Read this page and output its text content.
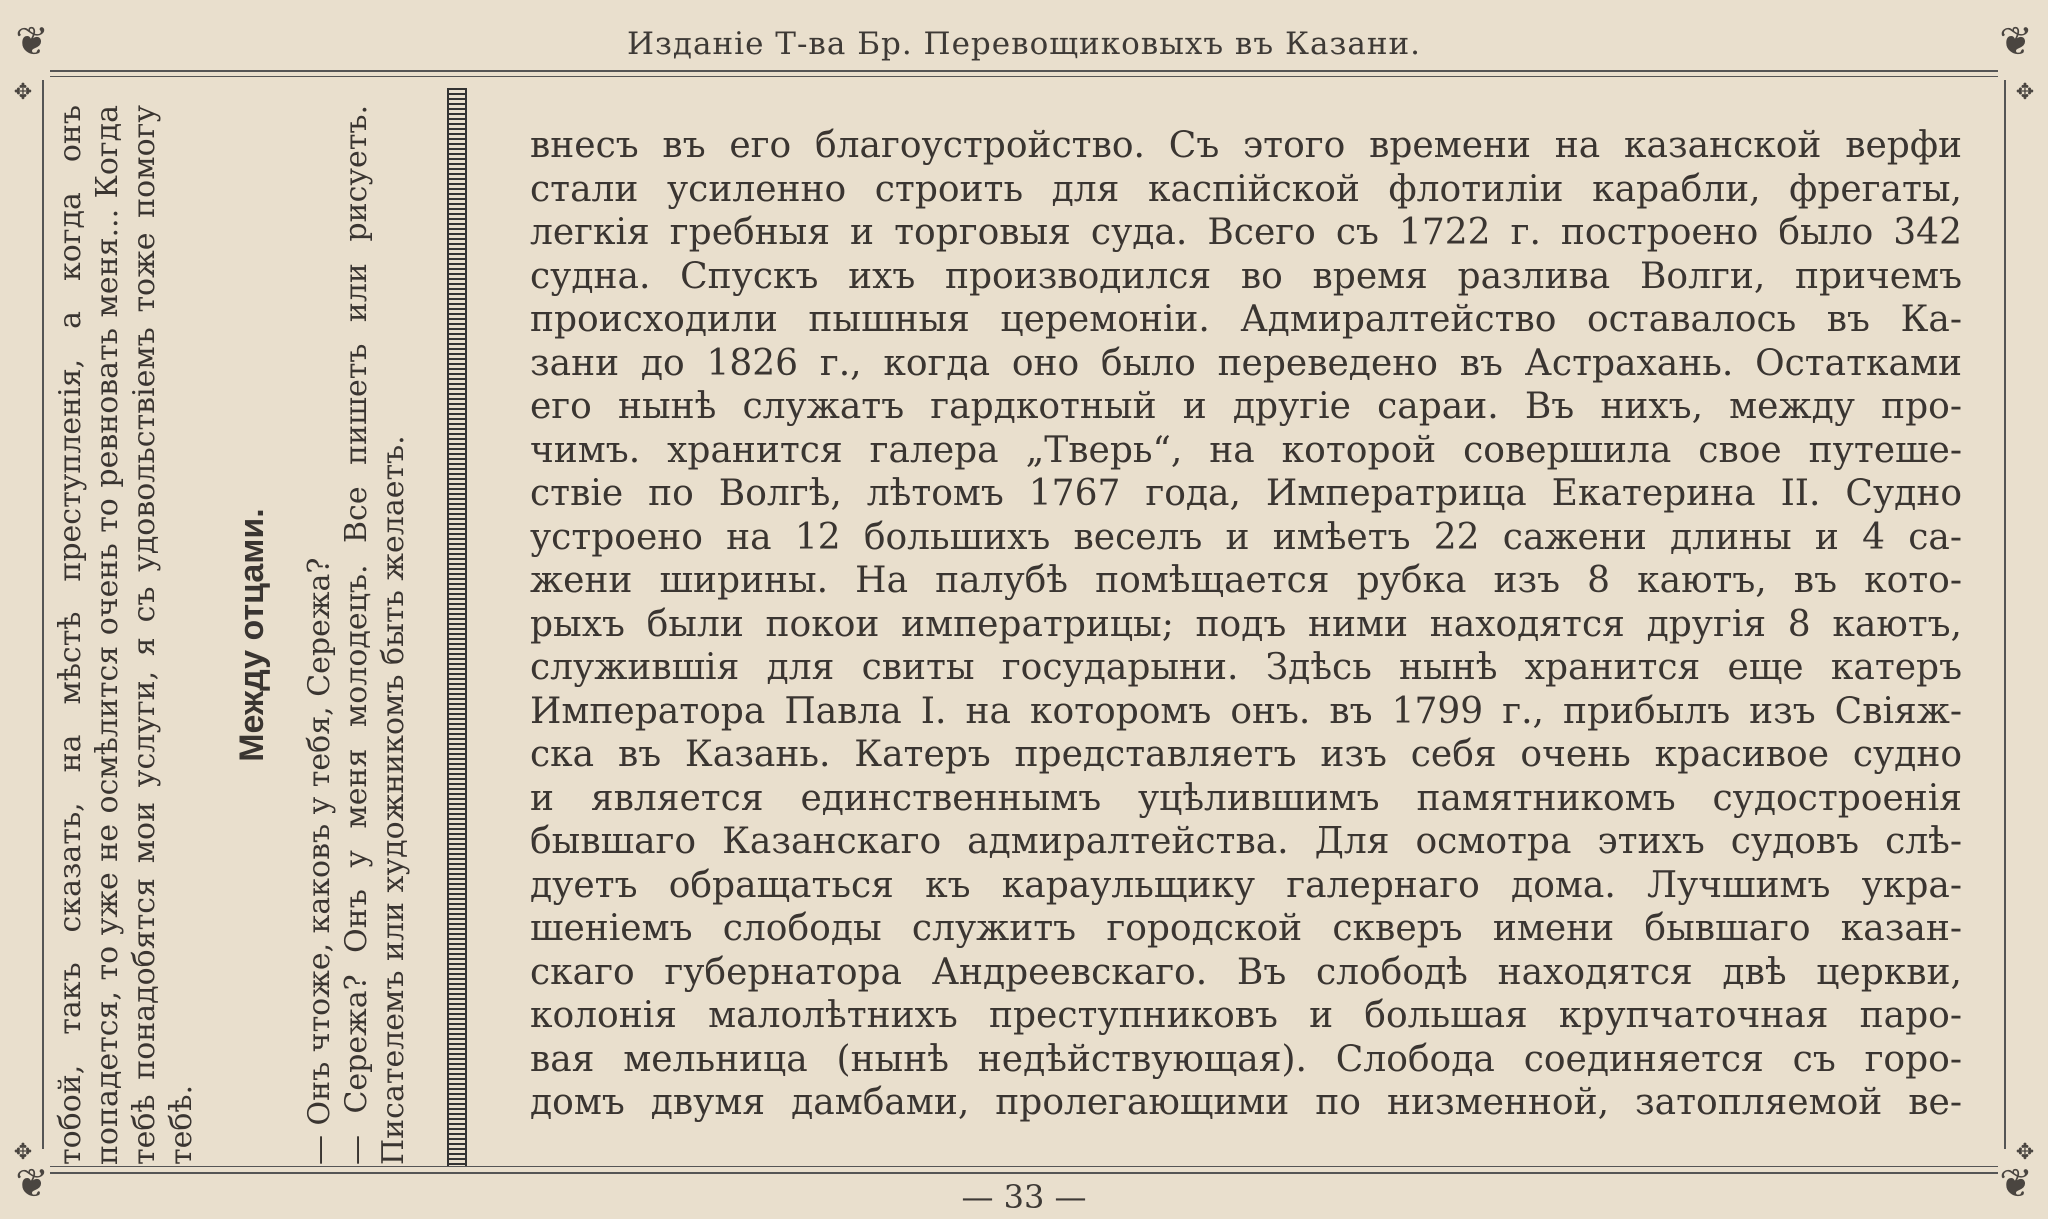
❦	❦
❦	❦
✥	✥
✥	✥
Изданiе Т-ва Бр. Перевощиковыхъ въ Казани.

тобой, такъ сказать, на мѣстѣ преступленiя, а когда онъ попадется, то уже не осмѣлится очень то ревновать меня... Когда тебѣ понадобятся мои услуги, я съ удовольствiемъ тоже помогу тебѣ.

Между отцами. — Онъ чтоже, каковъ у тебя, Сережа? — Сережа? Онъ у меня молодецъ. Все пишетъ или рисуетъ. Писателемъ или художникомъ быть желаетъ.

внесъ въ его благоустройство. Съ этого времени на казанской верфи
стали усиленно строить для каспiйской флотилiи карабли, фрегаты,
легкiя гребныя и торговыя суда. Всего съ 1722 г. построено было 342
судна. Спускъ ихъ производился во время разлива Волги, причемъ
происходили пышныя церемонiи. Адмиралтейство оставалось въ Ка-
зани до 1826 г., когда оно было переведено въ Астрахань. Остатками
его нынѣ служатъ гардкотный и другiе сараи. Въ нихъ, между про-
чимъ. хранится галера „Тверь“, на которой совершила свое путеше-
ствiе по Волгѣ, лѣтомъ 1767 года, Императрица Екатерина II. Судно
устроено на 12 большихъ веселъ и имѣетъ 22 сажени длины и 4 са-
жени ширины. На палубѣ помѣщается рубка изъ 8 каютъ, въ кото-
рыхъ были покои императрицы; подъ ними находятся другiя 8 каютъ,
служившiя для свиты государыни. Здѣсь нынѣ хранится еще катеръ
Императора Павла I. на которомъ онъ. въ 1799 г., прибылъ изъ Свiяж-
ска въ Казань. Катеръ представляетъ изъ себя очень красивое судно
и является единственнымъ уцѣлившимъ памятникомъ судостроенiя
бывшаго Казанскаго адмиралтейства. Для осмотра этихъ судовъ слѣ-
дуетъ обращаться къ караульщику галернаго дома. Лучшимъ укра-
шенiемъ слободы служитъ городской скверъ имени бывшаго казан-
скаго губернатора Андреевскаго. Въ слободѣ находятся двѣ церкви,
колонiя малолѣтнихъ преступниковъ и большая крупчаточная паро-
вая мельница (нынѣ недѣйствующая). Слобода соединяется съ горо-
домъ двумя дамбами, пролегающими по низменной, затопляемой ве-
— 33 —
